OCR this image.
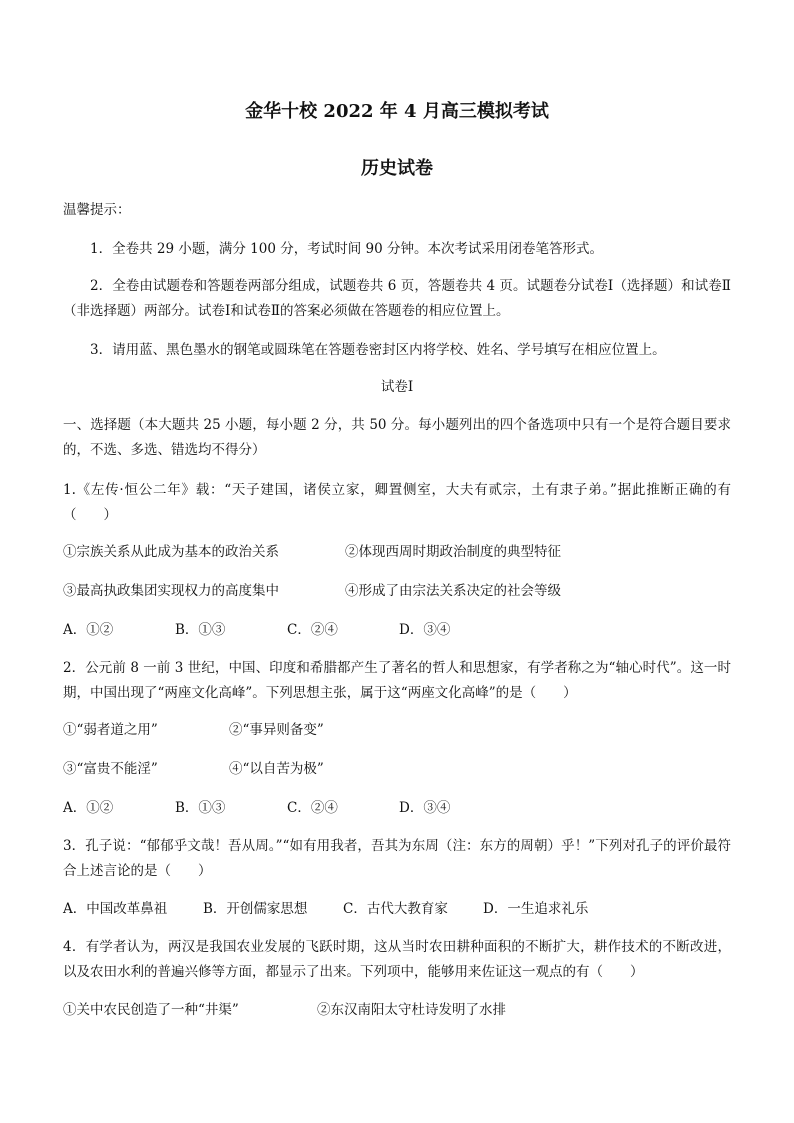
金华十校 2022 年 4 月高三模拟考试
历史试卷
温馨提示：
1．全卷共 29 小题，满分 100 分，考试时间 90 分钟。本次考试采用闭卷笔答形式。
2．全卷由试题卷和答题卷两部分组成，试题卷共 6 页，答题卷共 4 页。试题卷分试卷Ⅰ（选择题）和试卷Ⅱ（非选择题）两部分。试卷Ⅰ和试卷Ⅱ的答案必须做在答题卷的相应位置上。
3．请用蓝、黑色墨水的钢笔或圆珠笔在答题卷密封区内将学校、姓名、学号填写在相应位置上。
试卷Ⅰ
一、选择题（本大题共 25 小题，每小题 2 分，共 50 分。每小题列出的四个备选项中只有一个是符合题目要求的，不选、多选、错选均不得分）
1.《左传·恒公二年》载：“天子建国，诸侯立家，卿置侧室，大夫有贰宗，土有隶子弟。”据此推断正确的有（　　）
①宗族关系从此成为基本的政治关系	②体现西周时期政治制度的典型特征
③最高执政集团实现权力的高度集中	④形成了由宗法关系决定的社会等级
A．①②	B．①③	C．②④	D．③④
2．公元前 8 一前 3 世纪，中国、印度和希腊都产生了著名的哲人和思想家，有学者称之为“轴心时代”。这一时期，中国出现了“两座文化高峰”。下列思想主张，属于这“两座文化高峰”的是（　　）
①“弱者道之用”	②“事异则备变”
③“富贵不能淫”	④“以自苦为极”
A．①②	B．①③	C．②④	D．③④
3．孔子说：“郁郁乎文哉！吾从周。”“如有用我者，吾其为东周（注：东方的周朝）乎！”下列对孔子的评价最符合上述言论的是（　　）
A．中国改革鼻祖	B．开创儒家思想	C．古代大教育家	D．一生追求礼乐
4．有学者认为，两汉是我国农业发展的飞跃时期，这从当时农田耕种面积的不断扩大，耕作技术的不断改进，以及农田水利的普遍兴修等方面，都显示了出来。下列项中，能够用来佐证这一观点的有（　　）
①关中农民创造了一种“井渠”	②东汉南阳太守杜诗发明了水排
